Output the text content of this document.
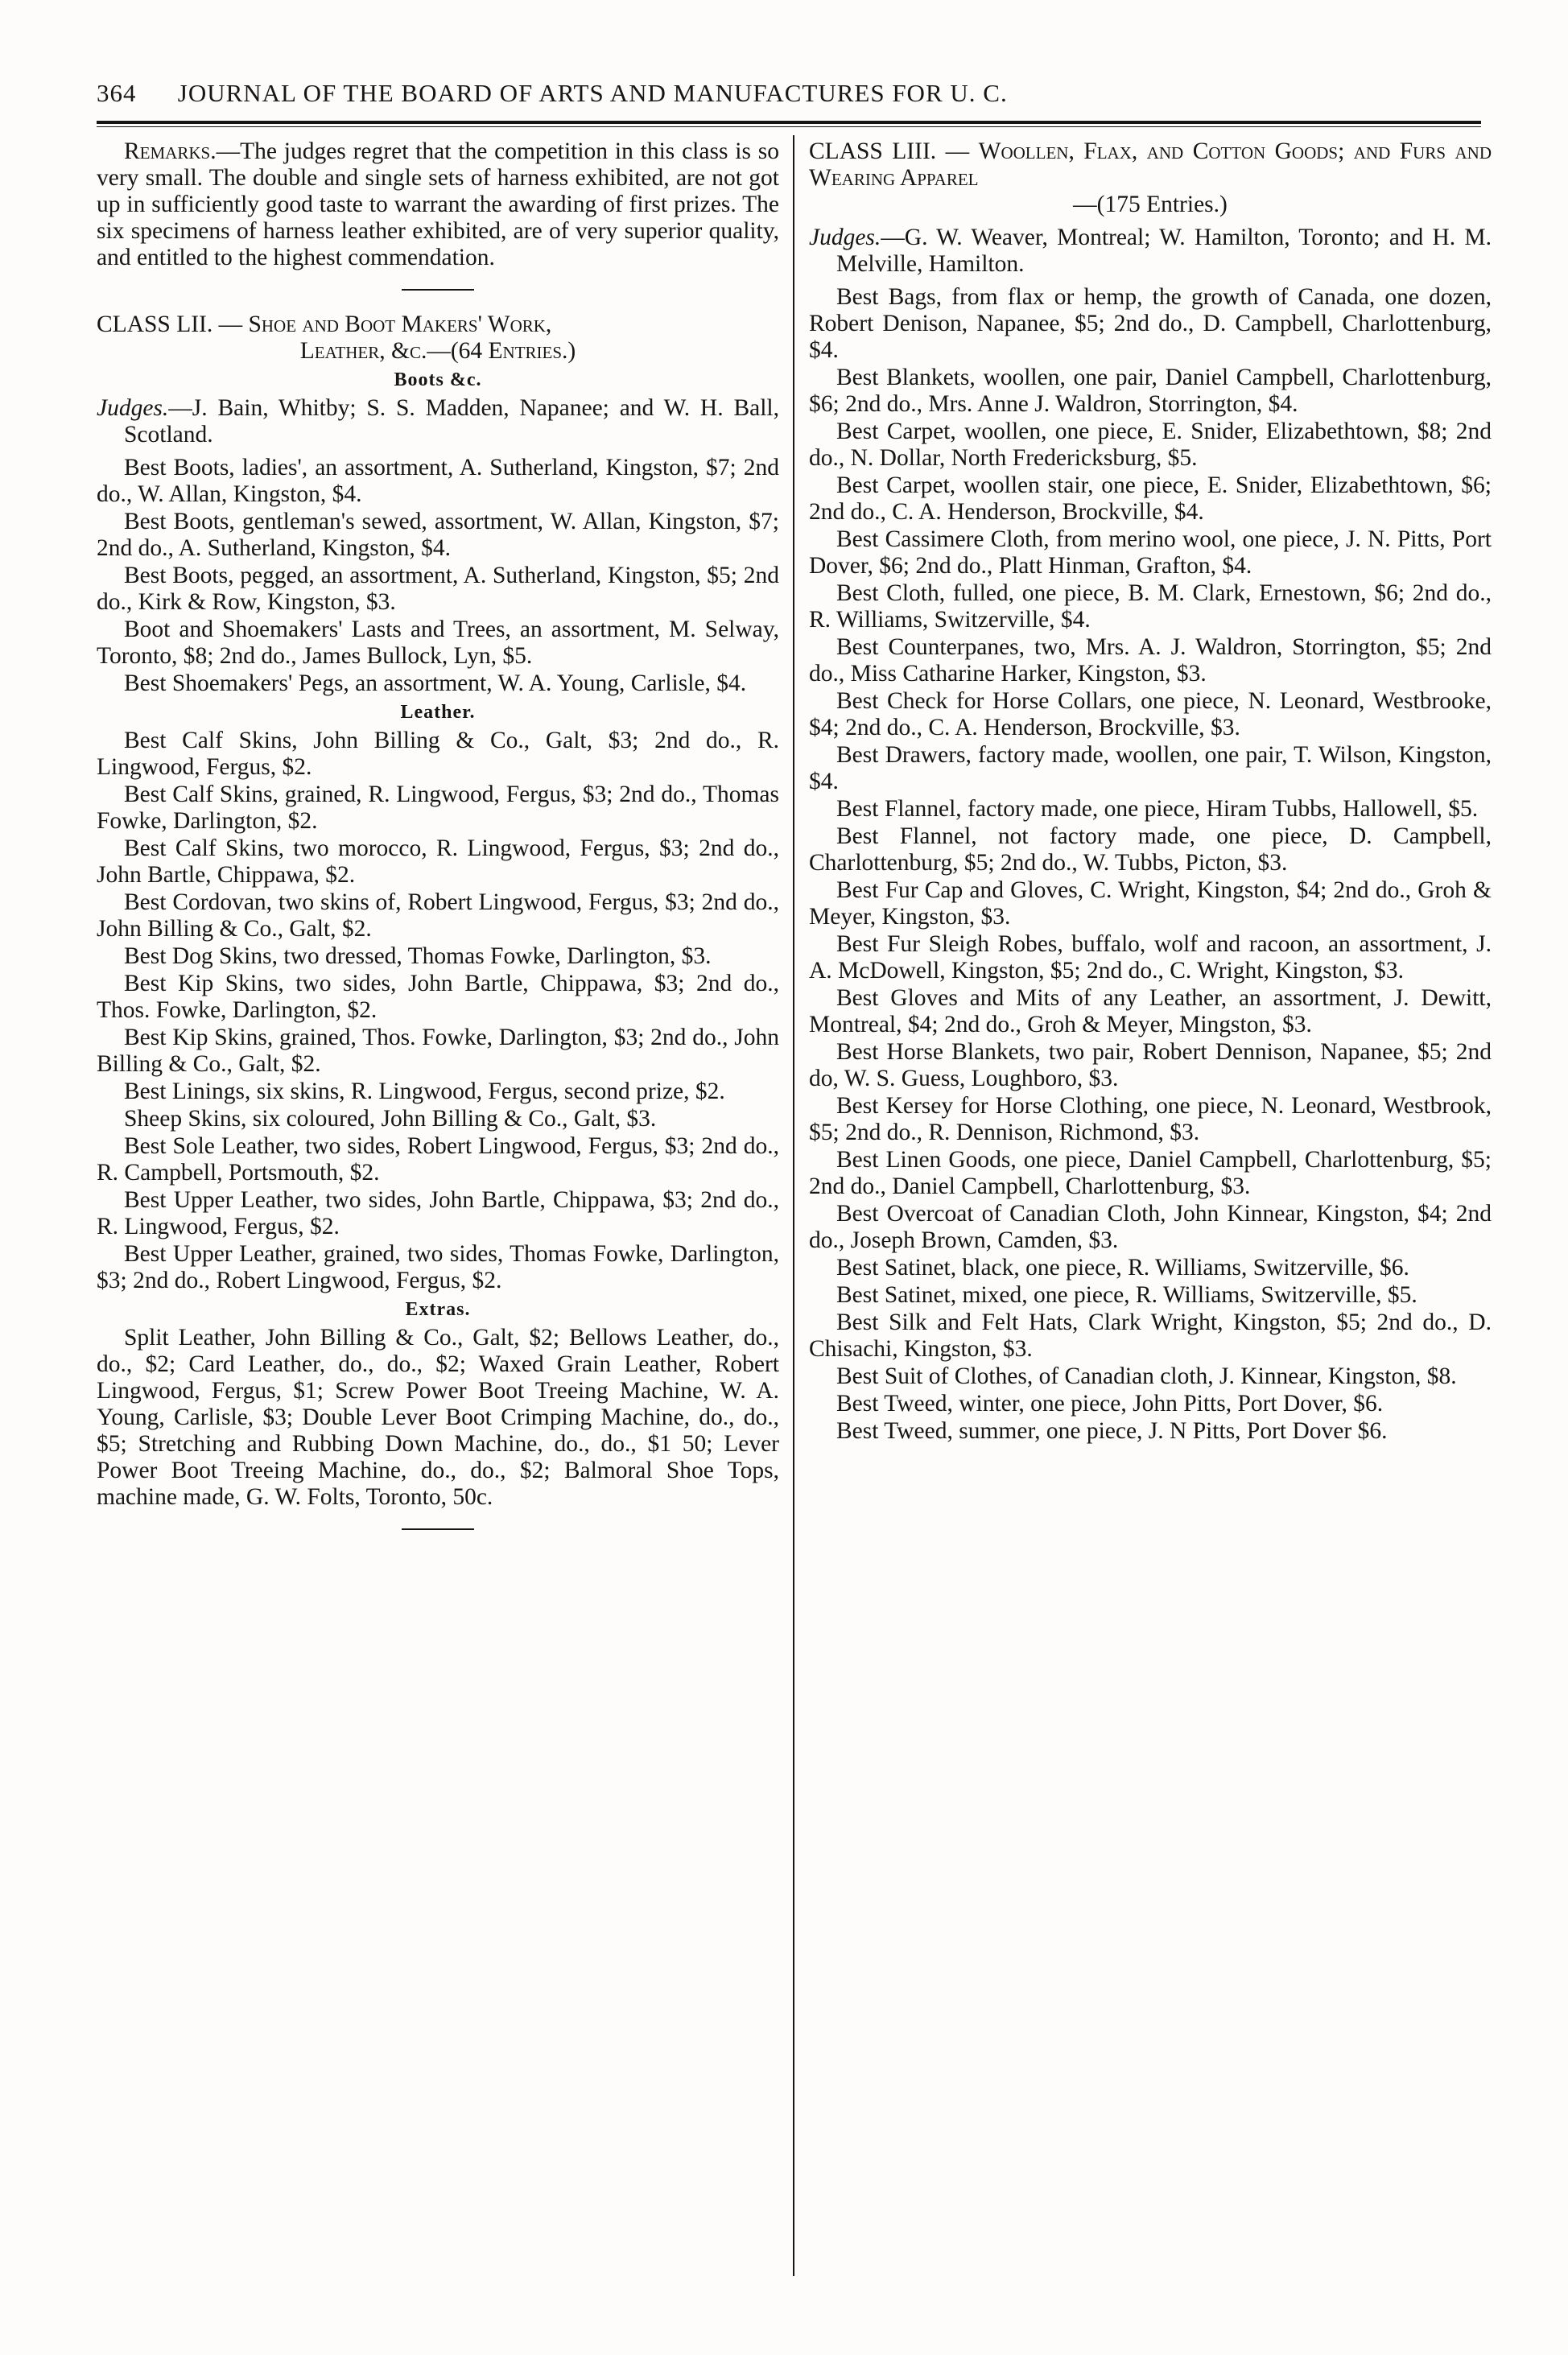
364 JOURNAL OF THE BOARD OF ARTS AND MANUFACTURES FOR U. C.

Remarks.—The judges regret that the competition in this class is so very small. The double and single sets of harness exhibited, are not got up in sufficiently good taste to warrant the awarding of first prizes. The six specimens of harness leather exhibited, are of very superior quality, and entitled to the highest commendation.

CLASS LII. — Shoe and Boot Makers' Work,
Leather, &c.—(64 Entries.)

Boots &c.

Judges.—J. Bain, Whitby; S. S. Madden, Napanee; and W. H. Ball, Scotland.

Best Boots, ladies', an assortment, A. Sutherland, Kingston, $7; 2nd do., W. Allan, Kingston, $4.

Best Boots, gentleman's sewed, assortment, W. Allan, Kingston, $7; 2nd do., A. Sutherland, Kingston, $4.

Best Boots, pegged, an assortment, A. Sutherland, Kingston, $5; 2nd do., Kirk & Row, Kingston, $3.

Boot and Shoemakers' Lasts and Trees, an assortment, M. Selway, Toronto, $8; 2nd do., James Bullock, Lyn, $5.

Best Shoemakers' Pegs, an assortment, W. A. Young, Carlisle, $4.

Leather.

Best Calf Skins, John Billing & Co., Galt, $3; 2nd do., R. Lingwood, Fergus, $2.

Best Calf Skins, grained, R. Lingwood, Fergus, $3; 2nd do., Thomas Fowke, Darlington, $2.

Best Calf Skins, two morocco, R. Lingwood, Fergus, $3; 2nd do., John Bartle, Chippawa, $2.

Best Cordovan, two skins of, Robert Lingwood, Fergus, $3; 2nd do., John Billing & Co., Galt, $2.

Best Dog Skins, two dressed, Thomas Fowke, Darlington, $3.

Best Kip Skins, two sides, John Bartle, Chippawa, $3; 2nd do., Thos. Fowke, Darlington, $2.

Best Kip Skins, grained, Thos. Fowke, Darlington, $3; 2nd do., John Billing & Co., Galt, $2.

Best Linings, six skins, R. Lingwood, Fergus, second prize, $2.

Sheep Skins, six coloured, John Billing & Co., Galt, $3.

Best Sole Leather, two sides, Robert Lingwood, Fergus, $3; 2nd do., R. Campbell, Portsmouth, $2.

Best Upper Leather, two sides, John Bartle, Chippawa, $3; 2nd do., R. Lingwood, Fergus, $2.

Best Upper Leather, grained, two sides, Thomas Fowke, Darlington, $3; 2nd do., Robert Lingwood, Fergus, $2.

Extras.

Split Leather, John Billing & Co., Galt, $2; Bellows Leather, do., do., $2; Card Leather, do., do., $2; Waxed Grain Leather, Robert Lingwood, Fergus, $1; Screw Power Boot Treeing Machine, W. A. Young, Carlisle, $3; Double Lever Boot Crimping Machine, do., do., $5; Stretching and Rubbing Down Machine, do., do., $1 50; Lever Power Boot Treeing Machine, do., do., $2; Balmoral Shoe Tops, machine made, G. W. Folts, Toronto, 50c.

CLASS LIII. — Woollen, Flax, and Cotton Goods; and Furs and Wearing Apparel
—(175 Entries.)

Judges.—G. W. Weaver, Montreal; W. Hamilton, Toronto; and H. M. Melville, Hamilton.

Best Bags, from flax or hemp, the growth of Canada, one dozen, Robert Denison, Napanee, $5; 2nd do., D. Campbell, Charlottenburg, $4.

Best Blankets, woollen, one pair, Daniel Campbell, Charlottenburg, $6; 2nd do., Mrs. Anne J. Waldron, Storrington, $4.

Best Carpet, woollen, one piece, E. Snider, Elizabethtown, $8; 2nd do., N. Dollar, North Fredericksburg, $5.

Best Carpet, woollen stair, one piece, E. Snider, Elizabethtown, $6; 2nd do., C. A. Henderson, Brockville, $4.

Best Cassimere Cloth, from merino wool, one piece, J. N. Pitts, Port Dover, $6; 2nd do., Platt Hinman, Grafton, $4.

Best Cloth, fulled, one piece, B. M. Clark, Ernestown, $6; 2nd do., R. Williams, Switzerville, $4.

Best Counterpanes, two, Mrs. A. J. Waldron, Storrington, $5; 2nd do., Miss Catharine Harker, Kingston, $3.

Best Check for Horse Collars, one piece, N. Leonard, Westbrooke, $4; 2nd do., C. A. Henderson, Brockville, $3.

Best Drawers, factory made, woollen, one pair, T. Wilson, Kingston, $4.

Best Flannel, factory made, one piece, Hiram Tubbs, Hallowell, $5.

Best Flannel, not factory made, one piece, D. Campbell, Charlottenburg, $5; 2nd do., W. Tubbs, Picton, $3.

Best Fur Cap and Gloves, C. Wright, Kingston, $4; 2nd do., Groh & Meyer, Kingston, $3.

Best Fur Sleigh Robes, buffalo, wolf and racoon, an assortment, J. A. McDowell, Kingston, $5; 2nd do., C. Wright, Kingston, $3.

Best Gloves and Mits of any Leather, an assortment, J. Dewitt, Montreal, $4; 2nd do., Groh & Meyer, Mingston, $3.

Best Horse Blankets, two pair, Robert Dennison, Napanee, $5; 2nd do, W. S. Guess, Loughboro, $3.

Best Kersey for Horse Clothing, one piece, N. Leonard, Westbrook, $5; 2nd do., R. Dennison, Richmond, $3.

Best Linen Goods, one piece, Daniel Campbell, Charlottenburg, $5; 2nd do., Daniel Campbell, Charlottenburg, $3.

Best Overcoat of Canadian Cloth, John Kinnear, Kingston, $4; 2nd do., Joseph Brown, Camden, $3.

Best Satinet, black, one piece, R. Williams, Switzerville, $6.

Best Satinet, mixed, one piece, R. Williams, Switzerville, $5.

Best Silk and Felt Hats, Clark Wright, Kingston, $5; 2nd do., D. Chisachi, Kingston, $3.

Best Suit of Clothes, of Canadian cloth, J. Kinnear, Kingston, $8.

Best Tweed, winter, one piece, John Pitts, Port Dover, $6.

Best Tweed, summer, one piece, J. N Pitts, Port Dover $6.
